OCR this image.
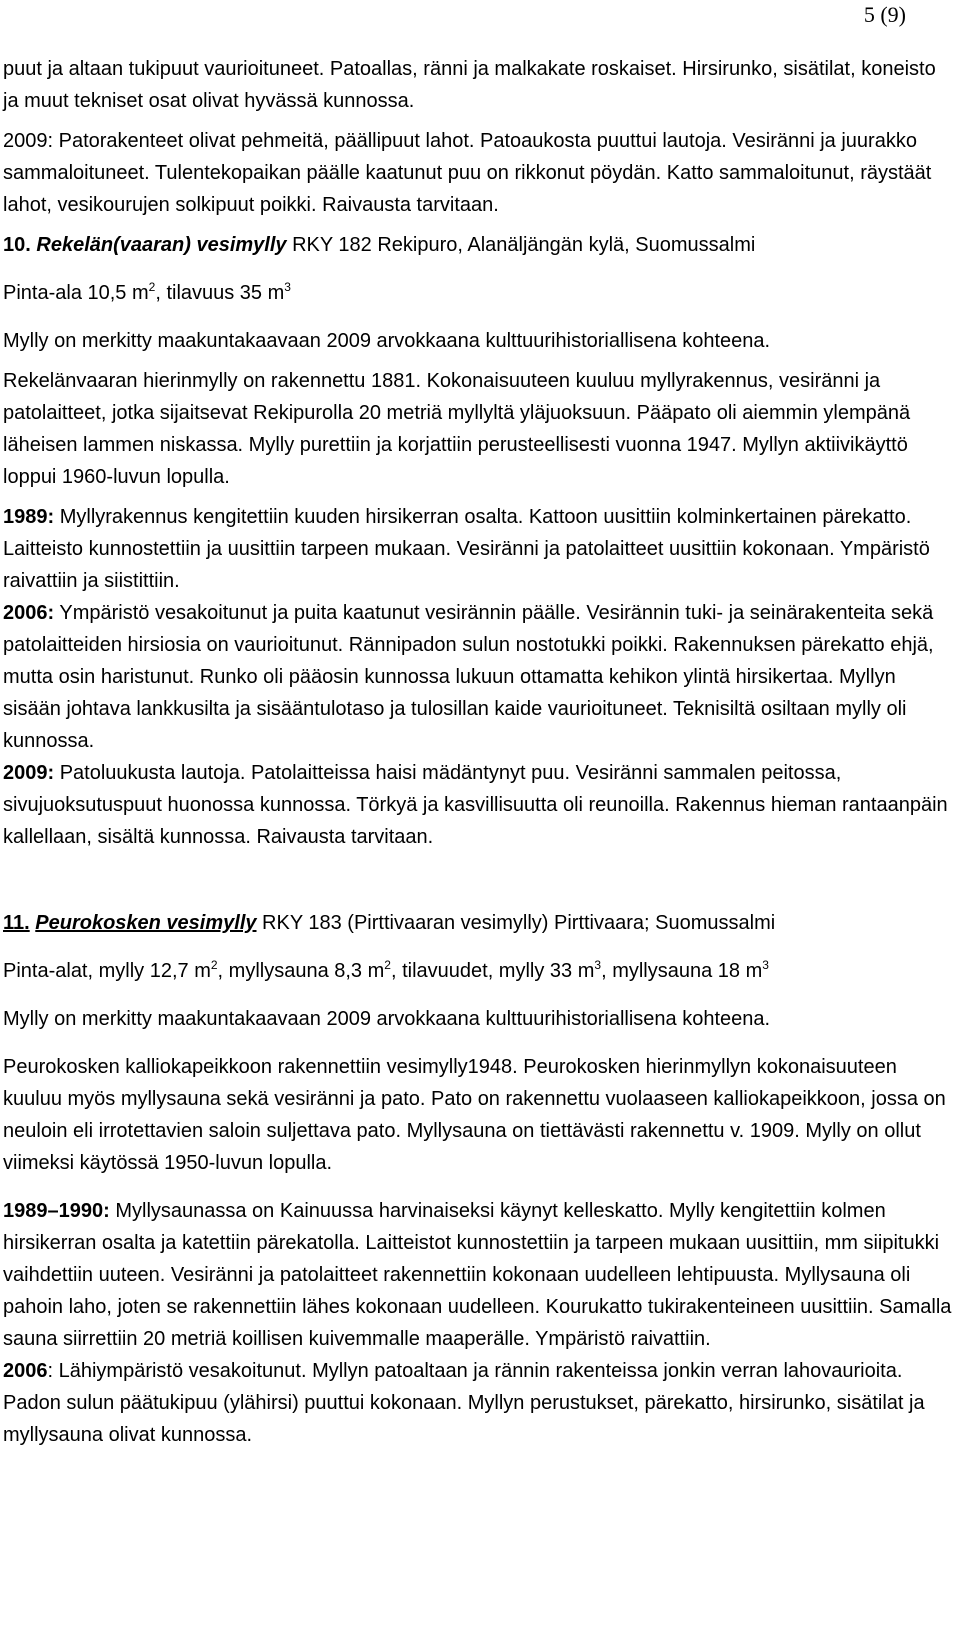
5 (9)

puut ja altaan tukipuut vaurioituneet. Patoallas, ränni ja malkakate roskaiset. Hirsirunko, sisätilat, koneisto ja muut tekniset osat olivat hyvässä kunnossa.

2009: Patorakenteet olivat pehmeitä, päällipuut lahot. Patoaukosta puuttui lautoja. Vesiränni ja juurakko sammaloituneet. Tulentekopaikan päälle kaatunut puu on rikkonut pöydän. Katto sammaloitunut, räystäät lahot, vesikourujen solkipuut poikki. Raivausta tarvitaan.

10. Rekelän(vaaran) vesimylly RKY 182 Rekipuro, Alanäljängän kylä, Suomussalmi

Pinta-ala 10,5 $m^2$, tilavuus 35 $m^3$

Mylly on merkitty maakuntakaavaan 2009 arvokkaana kulttuurihistoriallisena kohteena.

Rekelänvaaran hierinmylly on rakennettu 1881. Kokonaisuuteen kuuluu myllyrakennus, vesiränni ja patolaitteet, jotka sijaitsevat Rekipurolla 20 metriä myllyltä yläjuoksuun. Pääpato oli aiemmin ylempänä läheisen lammen niskassa. Mylly purettiin ja korjattiin perusteellisesti vuonna 1947. Myllyn aktiivikäyttö loppui 1960-luvun lopulla.

1989: Myllyrakennus kengitettiin kuuden hirsikerran osalta. Kattoon uusittiin kolminkertainen pärekatto. Laitteisto kunnostettiin ja uusittiin tarpeen mukaan. Vesiränni ja patolaitteet uusittiin kokonaan. Ympäristö raivattiin ja siistittiin.

2006: Ympäristö vesakoitunut ja puita kaatunut vesirännin päälle. Vesirännin tuki- ja seinärakenteita sekä patolaitteiden hirsiosia on vaurioitunut. Rännipadon sulun nostotukki poikki. Rakennuksen pärekatto ehjä, mutta osin haristunut. Runko oli pääosin kunnossa lukuun ottamatta kehikon ylintä hirsikertaa. Myllyn sisään johtava lankkusilta ja sisääntulotaso ja tulosillan kaide vaurioituneet. Teknisiltä osiltaan mylly oli kunnossa.

2009: Patoluukusta lautoja. Patolaitteissa haisi mädäntynyt puu. Vesiränni sammalen peitossa, sivujuoksutuspuut huonossa kunnossa. Törkyä ja kasvillisuutta oli reunoilla. Rakennus hieman rantaanpäin kallellaan, sisältä kunnossa. Raivausta tarvitaan.

11. Peurokosken vesimylly RKY 183 (Pirttivaaran vesimylly) Pirttivaara; Suomussalmi

Pinta-alat, mylly 12,7 $m^2$, myllysauna 8,3 $m^2$, tilavuudet, mylly 33 $m^3$, myllysauna 18 $m^3$

Mylly on merkitty maakuntakaavaan 2009 arvokkaana kulttuurihistoriallisena kohteena.

Peurokosken kalliokapeikkoon rakennettiin vesimylly1948. Peurokosken hierinmyllyn kokonaisuuteen kuuluu myös myllysauna sekä vesiränni ja pato. Pato on rakennettu vuolaaseen kalliokapeikkoon, jossa on neuloin eli irrotettavien saloin suljettava pato. Myllysauna on tiettävästi rakennettu v. 1909. Mylly on ollut viimeksi käytössä 1950-luvun lopulla.

1989–1990: Myllysaunassa on Kainuussa harvinaiseksi käynyt kelleskatto. Mylly kengitettiin kolmen hirsikerran osalta ja katettiin pärekatolla. Laitteistot kunnostettiin ja tarpeen mukaan uusittiin, mm siipitukki vaihdettiin uuteen. Vesiränni ja patolaitteet rakennettiin kokonaan uudelleen lehtipuusta. Myllysauna oli pahoin laho, joten se rakennettiin lähes kokonaan uudelleen. Kourukatto tukirakenteineen uusittiin. Samalla sauna siirrettiin 20 metriä koillisen kuivemmalle maaperälle. Ympäristö raivattiin.

2006: Lähiympäristö vesakoitunut. Myllyn patoaltaan ja rännin rakenteissa jonkin verran lahovaurioita. Padon sulun päätukipuu (ylähirsi) puuttui kokonaan. Myllyn perustukset, pärekatto, hirsirunko, sisätilat ja myllysauna olivat kunnossa.
